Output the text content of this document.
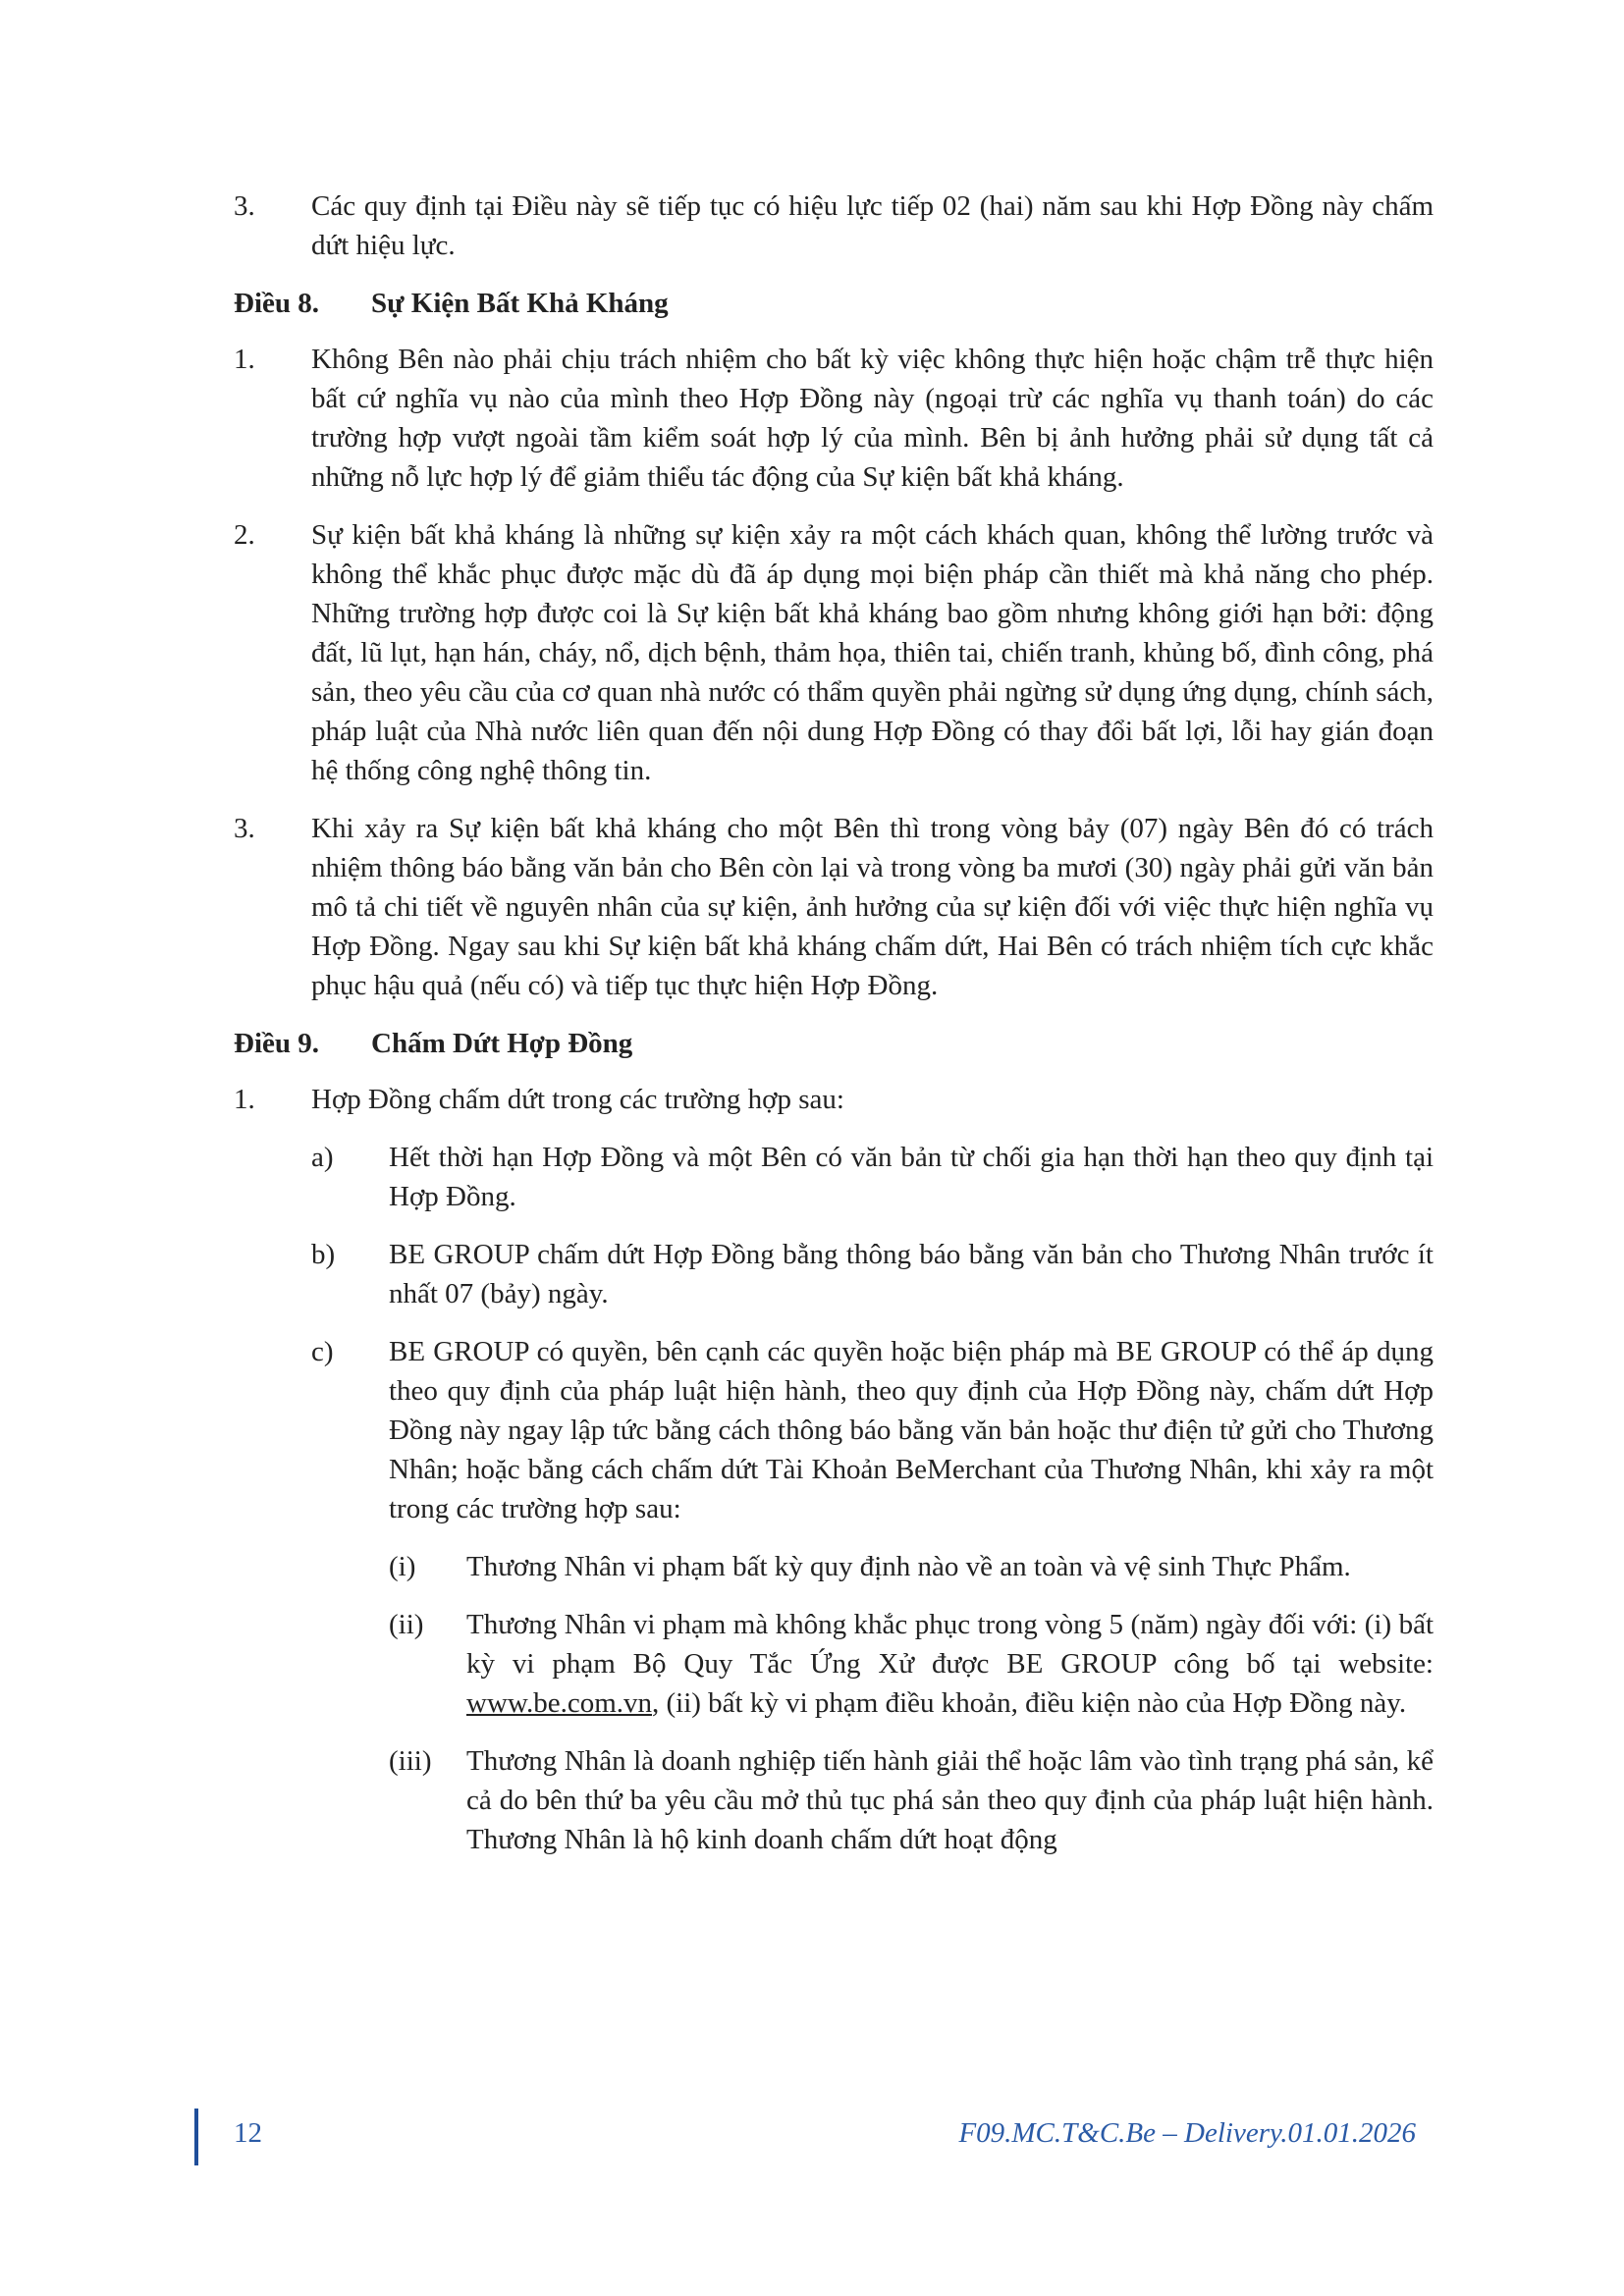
3. Các quy định tại Điều này sẽ tiếp tục có hiệu lực tiếp 02 (hai) năm sau khi Hợp Đồng này chấm dứt hiệu lực.
Điều 8.	Sự Kiện Bất Khả Kháng
1. Không Bên nào phải chịu trách nhiệm cho bất kỳ việc không thực hiện hoặc chậm trễ thực hiện bất cứ nghĩa vụ nào của mình theo Hợp Đồng này (ngoại trừ các nghĩa vụ thanh toán) do các trường hợp vượt ngoài tầm kiểm soát hợp lý của mình. Bên bị ảnh hưởng phải sử dụng tất cả những nỗ lực hợp lý để giảm thiểu tác động của Sự kiện bất khả kháng.
2. Sự kiện bất khả kháng là những sự kiện xảy ra một cách khách quan, không thể lường trước và không thể khắc phục được mặc dù đã áp dụng mọi biện pháp cần thiết mà khả năng cho phép. Những trường hợp được coi là Sự kiện bất khả kháng bao gồm nhưng không giới hạn bởi: động đất, lũ lụt, hạn hán, cháy, nổ, dịch bệnh, thảm họa, thiên tai, chiến tranh, khủng bố, đình công, phá sản, theo yêu cầu của cơ quan nhà nước có thẩm quyền phải ngừng sử dụng ứng dụng, chính sách, pháp luật của Nhà nước liên quan đến nội dung Hợp Đồng có thay đổi bất lợi, lỗi hay gián đoạn hệ thống công nghệ thông tin.
3. Khi xảy ra Sự kiện bất khả kháng cho một Bên thì trong vòng bảy (07) ngày Bên đó có trách nhiệm thông báo bằng văn bản cho Bên còn lại và trong vòng ba mươi (30) ngày phải gửi văn bản mô tả chi tiết về nguyên nhân của sự kiện, ảnh hưởng của sự kiện đối với việc thực hiện nghĩa vụ Hợp Đồng. Ngay sau khi Sự kiện bất khả kháng chấm dứt, Hai Bên có trách nhiệm tích cực khắc phục hậu quả (nếu có) và tiếp tục thực hiện Hợp Đồng.
Điều 9.	Chấm Dứt Hợp Đồng
1. Hợp Đồng chấm dứt trong các trường hợp sau:
a) Hết thời hạn Hợp Đồng và một Bên có văn bản từ chối gia hạn thời hạn theo quy định tại Hợp Đồng.
b) BE GROUP chấm dứt Hợp Đồng bằng thông báo bằng văn bản cho Thương Nhân trước ít nhất 07 (bảy) ngày.
c) BE GROUP có quyền, bên cạnh các quyền hoặc biện pháp mà BE GROUP có thể áp dụng theo quy định của pháp luật hiện hành, theo quy định của Hợp Đồng này, chấm dứt Hợp Đồng này ngay lập tức bằng cách thông báo bằng văn bản hoặc thư điện tử gửi cho Thương Nhân; hoặc bằng cách chấm dứt Tài Khoản BeMerchant của Thương Nhân, khi xảy ra một trong các trường hợp sau:
(i) Thương Nhân vi phạm bất kỳ quy định nào về an toàn và vệ sinh Thực Phẩm.
(ii) Thương Nhân vi phạm mà không khắc phục trong vòng 5 (năm) ngày đối với: (i) bất kỳ vi phạm Bộ Quy Tắc Ứng Xử được BE GROUP công bố tại website: www.be.com.vn, (ii) bất kỳ vi phạm điều khoản, điều kiện nào của Hợp Đồng này.
(iii) Thương Nhân là doanh nghiệp tiến hành giải thể hoặc lâm vào tình trạng phá sản, kể cả do bên thứ ba yêu cầu mở thủ tục phá sản theo quy định của pháp luật hiện hành. Thương Nhân là hộ kinh doanh chấm dứt hoạt động
12	F09.MC.T&C.Be – Delivery.01.01.2026
